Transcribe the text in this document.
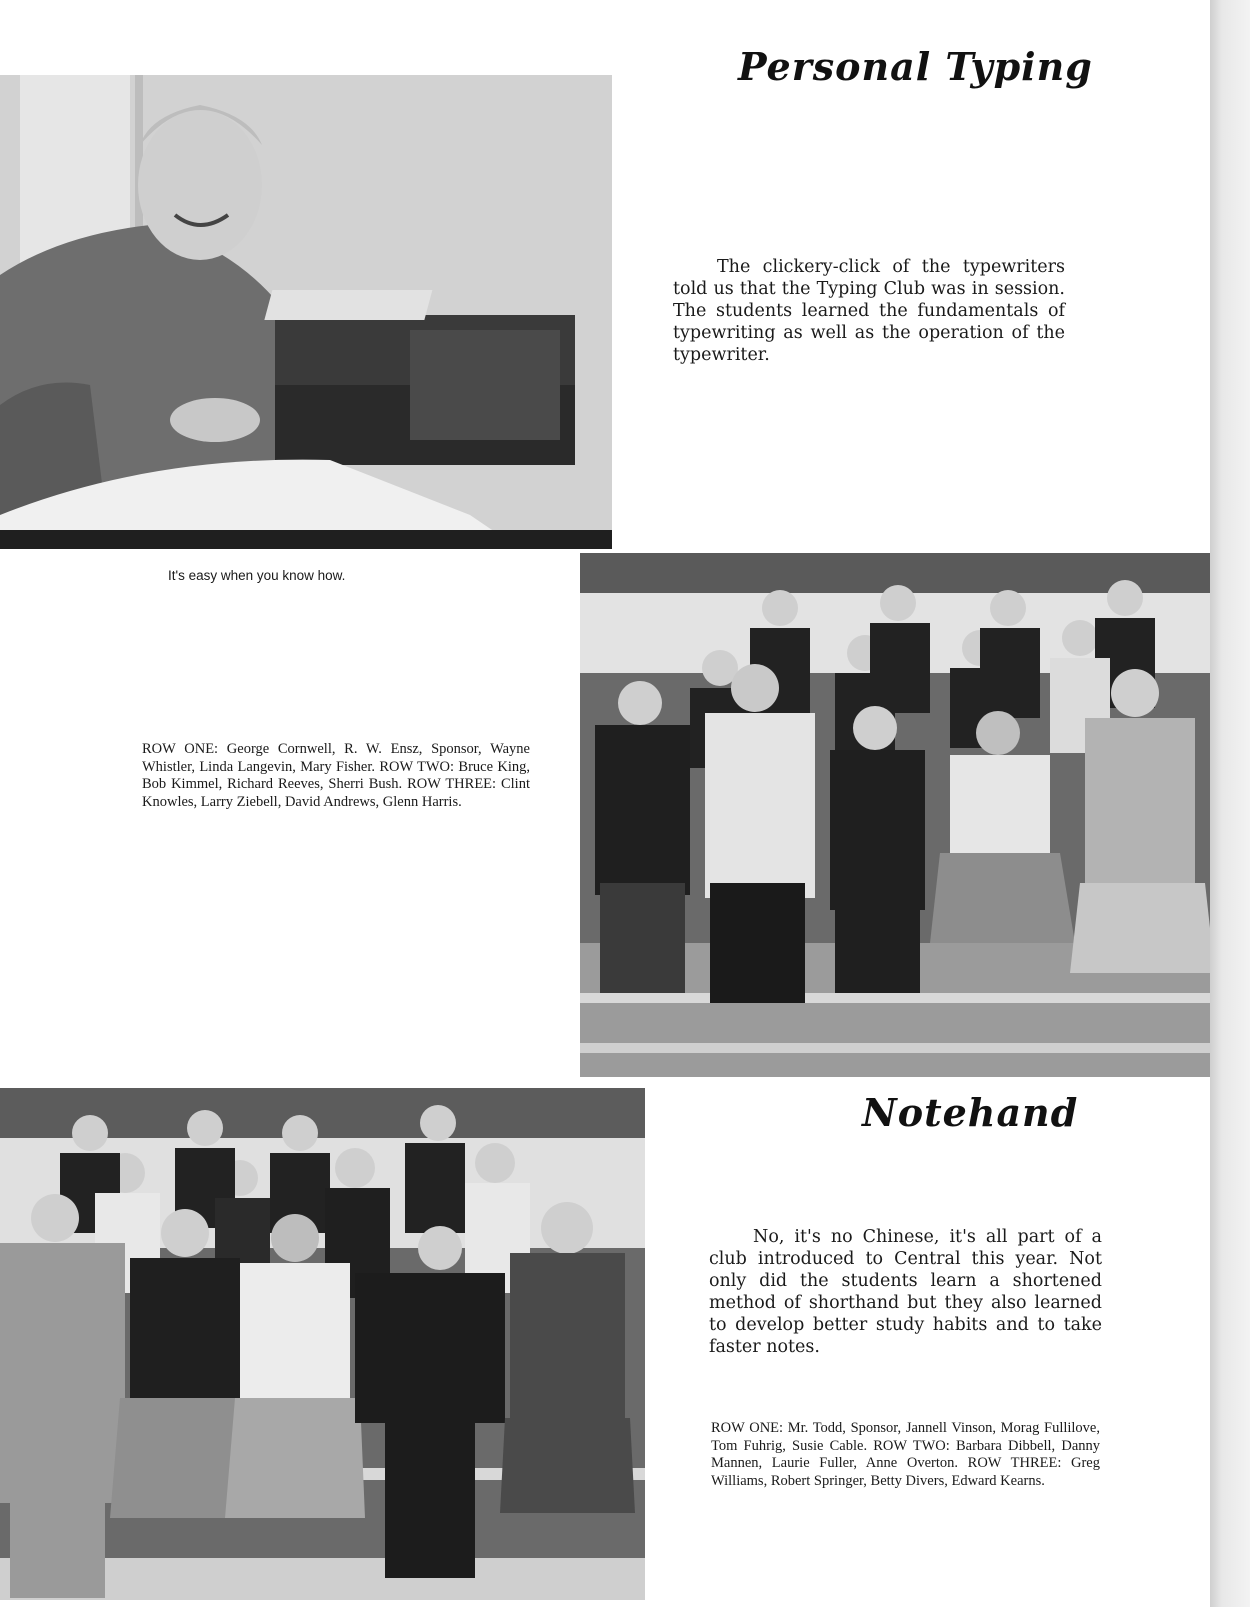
Personal Typing
The clickery-click of the typewriters told us that the Typing Club was in session. The students learned the fundamentals of typewriting as well as the operation of the typewriter.
It's easy when you know how.
ROW ONE: George Cornwell, R. W. Ensz, Sponsor, Wayne Whistler, Linda Langevin, Mary Fisher. ROW TWO: Bruce King, Bob Kimmel, Richard Reeves, Sherri Bush. ROW THREE: Clint Knowles, Larry Ziebell, David Andrews, Glenn Harris.
Notehand
No, it's no Chinese, it's all part of a club introduced to Central this year. Not only did the students learn a shortened method of shorthand but they also learned to develop better study habits and to take faster notes.
ROW ONE: Mr. Todd, Sponsor, Jannell Vinson, Morag Fullilove, Tom Fuhrig, Susie Cable. ROW TWO: Barbara Dibbell, Danny Mannen, Laurie Fuller, Anne Overton. ROW THREE: Greg Williams, Robert Springer, Betty Divers, Edward Kearns.
